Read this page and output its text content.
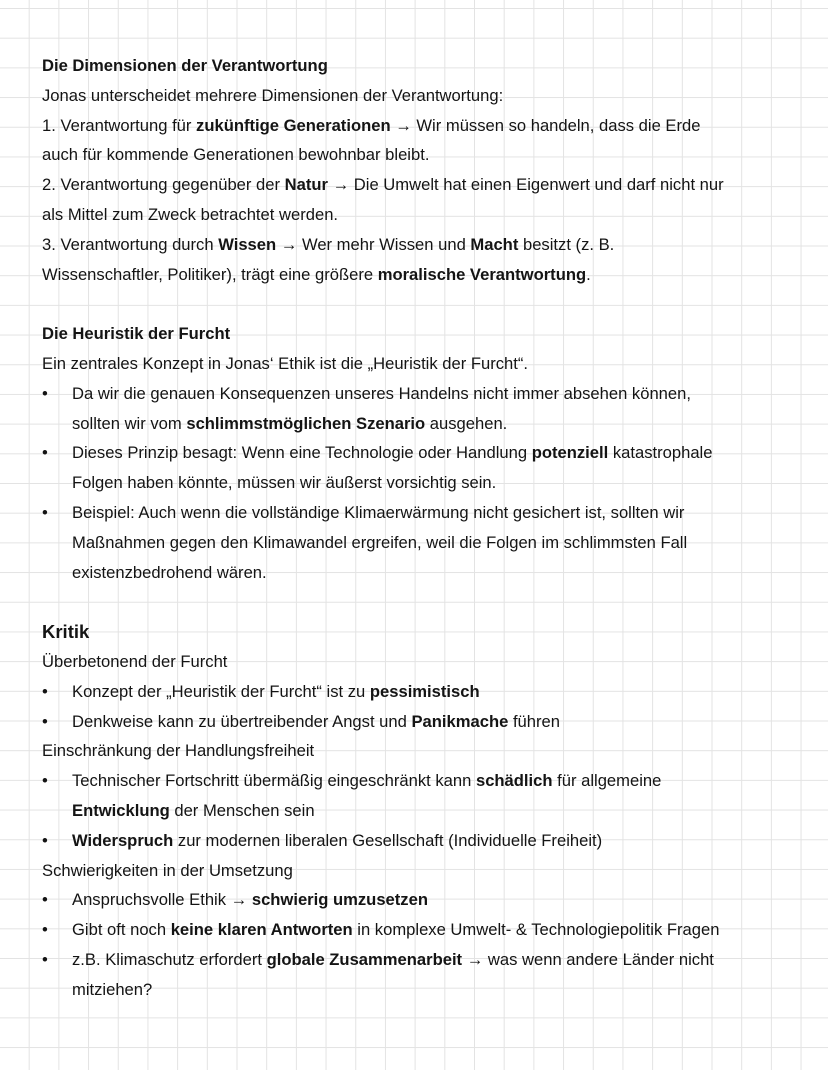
Die Dimensionen der Verantwortung
Jonas unterscheidet mehrere Dimensionen der Verantwortung:
1. Verantwortung für zukünftige Generationen → Wir müssen so handeln, dass die Erde
auch für kommende Generationen bewohnbar bleibt.
2. Verantwortung gegenüber der Natur → Die Umwelt hat einen Eigenwert und darf nicht nur
als Mittel zum Zweck betrachtet werden.
3. Verantwortung durch Wissen → Wer mehr Wissen und Macht besitzt (z. B.
Wissenschaftler, Politiker), trägt eine größere moralische Verantwortung.
Die Heuristik der Furcht
Ein zentrales Konzept in Jonas‘ Ethik ist die „Heuristik der Furcht“.
• Da wir die genauen Konsequenzen unseres Handelns nicht immer absehen können,
sollten wir vom schlimmstmöglichen Szenario ausgehen.
• Dieses Prinzip besagt: Wenn eine Technologie oder Handlung potenziell katastrophale
Folgen haben könnte, müssen wir äußerst vorsichtig sein.
• Beispiel: Auch wenn die vollständige Klimaerwärmung nicht gesichert ist, sollten wir
Maßnahmen gegen den Klimawandel ergreifen, weil die Folgen im schlimmsten Fall
existenzbedrohend wären.
Kritik
Überbetonend der Furcht
• Konzept der „Heuristik der Furcht“ ist zu pessimistisch
• Denkweise kann zu übertreibender Angst und Panikmache führen
Einschränkung der Handlungsfreiheit
• Technischer Fortschritt übermäßig eingeschränkt kann schädlich für allgemeine
Entwicklung der Menschen sein
• Widerspruch zur modernen liberalen Gesellschaft (Individuelle Freiheit)
Schwierigkeiten in der Umsetzung
• Anspruchsvolle Ethik → schwierig umzusetzen
• Gibt oft noch keine klaren Antworten in komplexe Umwelt- & Technologiepolitik Fragen
• z.B. Klimaschutz erfordert globale Zusammenarbeit → was wenn andere Länder nicht
mitziehen?
